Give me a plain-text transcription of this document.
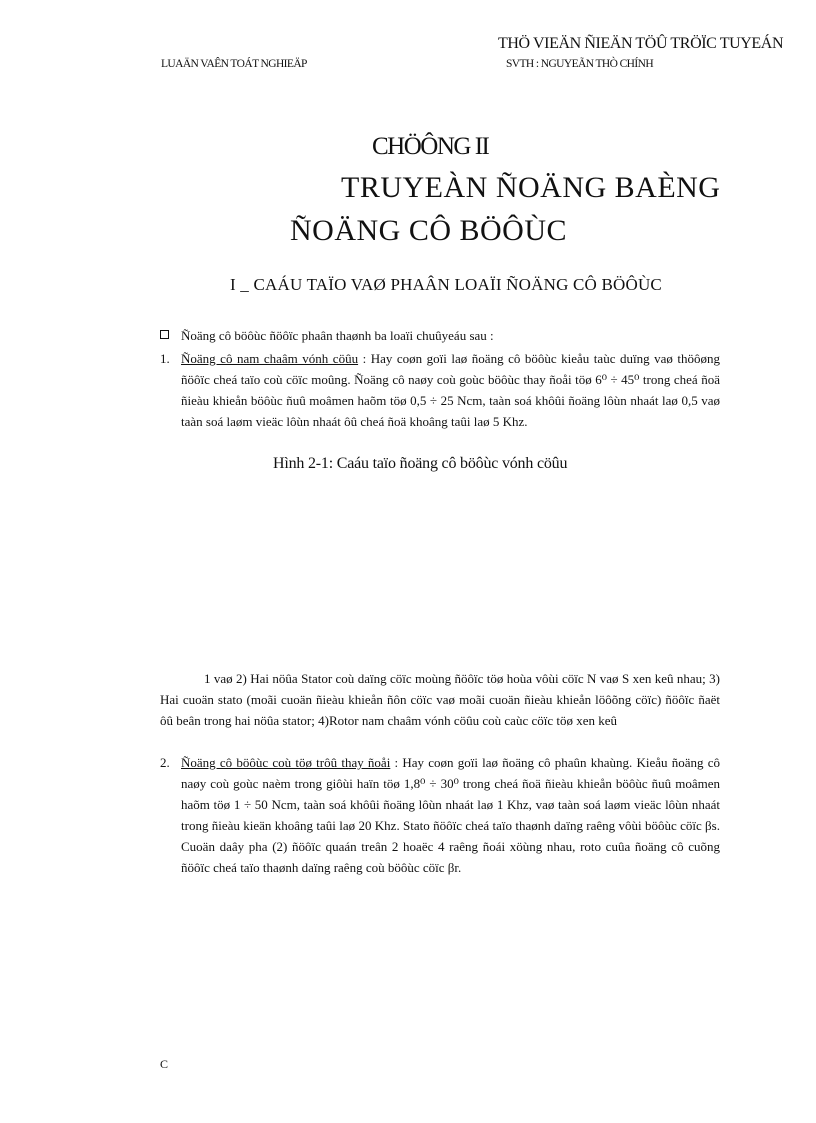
LUAÄN VAÊN TOÁT NGHIEÄP
THÖ VIEÄN ÑIEÄN TÖÛ TRÖÏC TUYEÁN
SVTH : NGUYEÃN THÒ CHÍNH
CHÖÔNG II
TRUYEÀN ÑOÄNG BAÈNG
ÑOÄNG CÔ BÖÔÙC
I _ CAÁU TAÏO VAØ PHAÂN LOAÏI ÑOÄNG CÔ BÖÔÙC
Ñoäng cô böôùc ñöôïc phaân thaønh ba loaïi chuûyeáu sau :
1. Ñoäng cô nam chaâm vónh cöûu : Hay coøn goïi laø ñoäng cô böôùc kieåu taùc duïng vaø thöôøng ñöôïc cheá taïo coù cöïc moûng. Ñoäng cô naøy coù goùc böôùc thay ñoåi töø 6⁰ ÷ 45⁰ trong cheá ñoä ñieàu khieån böôùc ñuû moâmen haõm töø 0,5 ÷ 25 Ncm, taàn soá khôûi ñoäng lôùn nhaát laø 0,5 vaø taàn soá laøm vieäc lôùn nhaát ôû cheá ñoä khoâng taûi laø 5 Khz.
Hình 2-1: Caáu taïo ñoäng cô böôùc vónh cöûu
1 vaø 2) Hai nöûa Stator coù daïng cöïc moùng ñöôïc töø hoùa vôùi cöïc N vaø S xen keû nhau; 3) Hai cuoän stato (moãi cuoän ñieàu khieån ñôn cöïc vaø moãi cuoän ñieàu khieån löôõng cöïc) ñöôïc ñaët ôû beân trong hai nöûa stator; 4)Rotor nam chaâm vónh cöûu coù caùc cöïc töø xen keû
2. Ñoäng cô böôùc coù töø trôû thay ñoåi : Hay coøn goïi laø ñoäng cô phaûn khaùng. Kieåu ñoäng cô naøy coù goùc naèm trong giôùi haïn töø 1,8⁰ ÷ 30⁰ trong cheá ñoä ñieàu khieån böôùc ñuû moâmen haõm töø 1 ÷ 50 Ncm, taàn soá khôûi ñoäng lôùn nhaát laø 1 Khz, vaø taàn soá laøm vieäc lôùn nhaát trong ñieàu kieän khoâng taûi laø 20 Khz. Stato ñöôïc cheá taïo thaønh daïng raêng vôùi böôùc cöïc βs. Cuoän daây pha (2) ñöôïc quaán treân 2 hoaëc 4 raêng ñoái xöùng nhau, roto cuûa ñoäng cô cuõng ñöôïc cheá taïo thaønh daïng raêng coù böôùc cöïc βr.
C
